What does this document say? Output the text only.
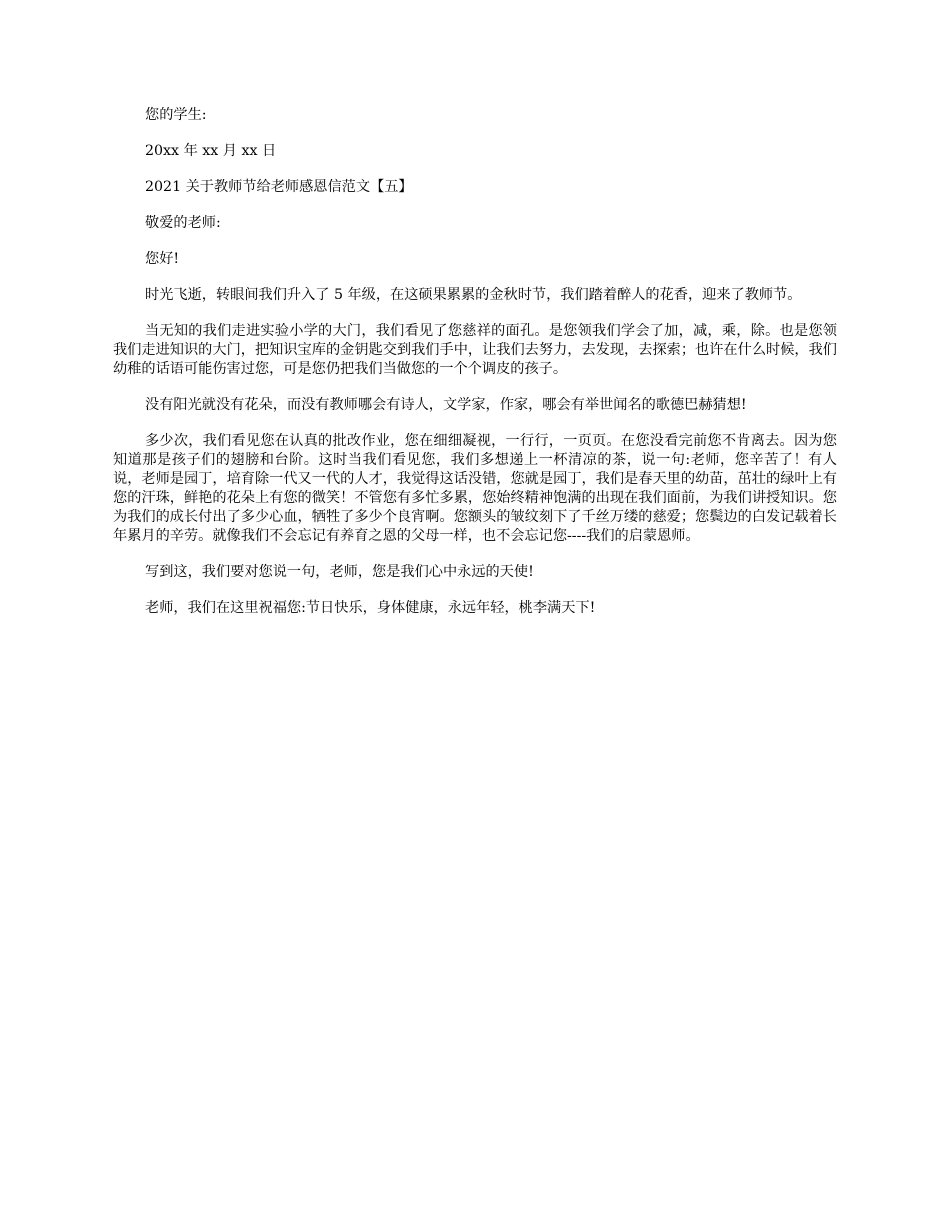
您的学生:

20xx 年 xx 月 xx 日

2021 关于教师节给老师感恩信范文【五】

敬爱的老师:

您好!

时光飞逝，转眼间我们升入了 5 年级，在这硕果累累的金秋时节，我们踏着醉人的花香，迎来了教师节。

当无知的我们走进实验小学的大门，我们看见了您慈祥的面孔。是您领我们学会了加，减，乘，除。也是您领我们走进知识的大门，把知识宝库的金钥匙交到我们手中，让我们去努力，去发现，去探索；也许在什么时候，我们幼稚的话语可能伤害过您，可是您仍把我们当做您的一个个调皮的孩子。

没有阳光就没有花朵，而没有教师哪会有诗人，文学家，作家，哪会有举世闻名的歌德巴赫猜想!

多少次，我们看见您在认真的批改作业，您在细细凝视，一行行，一页页。在您没看完前您不肯离去。因为您知道那是孩子们的翅膀和台阶。这时当我们看见您，我们多想递上一杯清凉的茶，说一句:老师，您辛苦了！有人说，老师是园丁，培育除一代又一代的人才，我觉得这话没错，您就是园丁，我们是春天里的幼苗，茁壮的绿叶上有您的汗珠，鲜艳的花朵上有您的微笑！不管您有多忙多累，您始终精神饱满的出现在我们面前，为我们讲授知识。您为我们的成长付出了多少心血，牺牲了多少个良宵啊。您额头的皱纹刻下了千丝万缕的慈爱；您鬓边的白发记载着长年累月的辛劳。就像我们不会忘记有养育之恩的父母一样，也不会忘记您----我们的启蒙恩师。

写到这，我们要对您说一句，老师，您是我们心中永远的天使!

老师，我们在这里祝福您:节日快乐，身体健康，永远年轻，桃李满天下!
